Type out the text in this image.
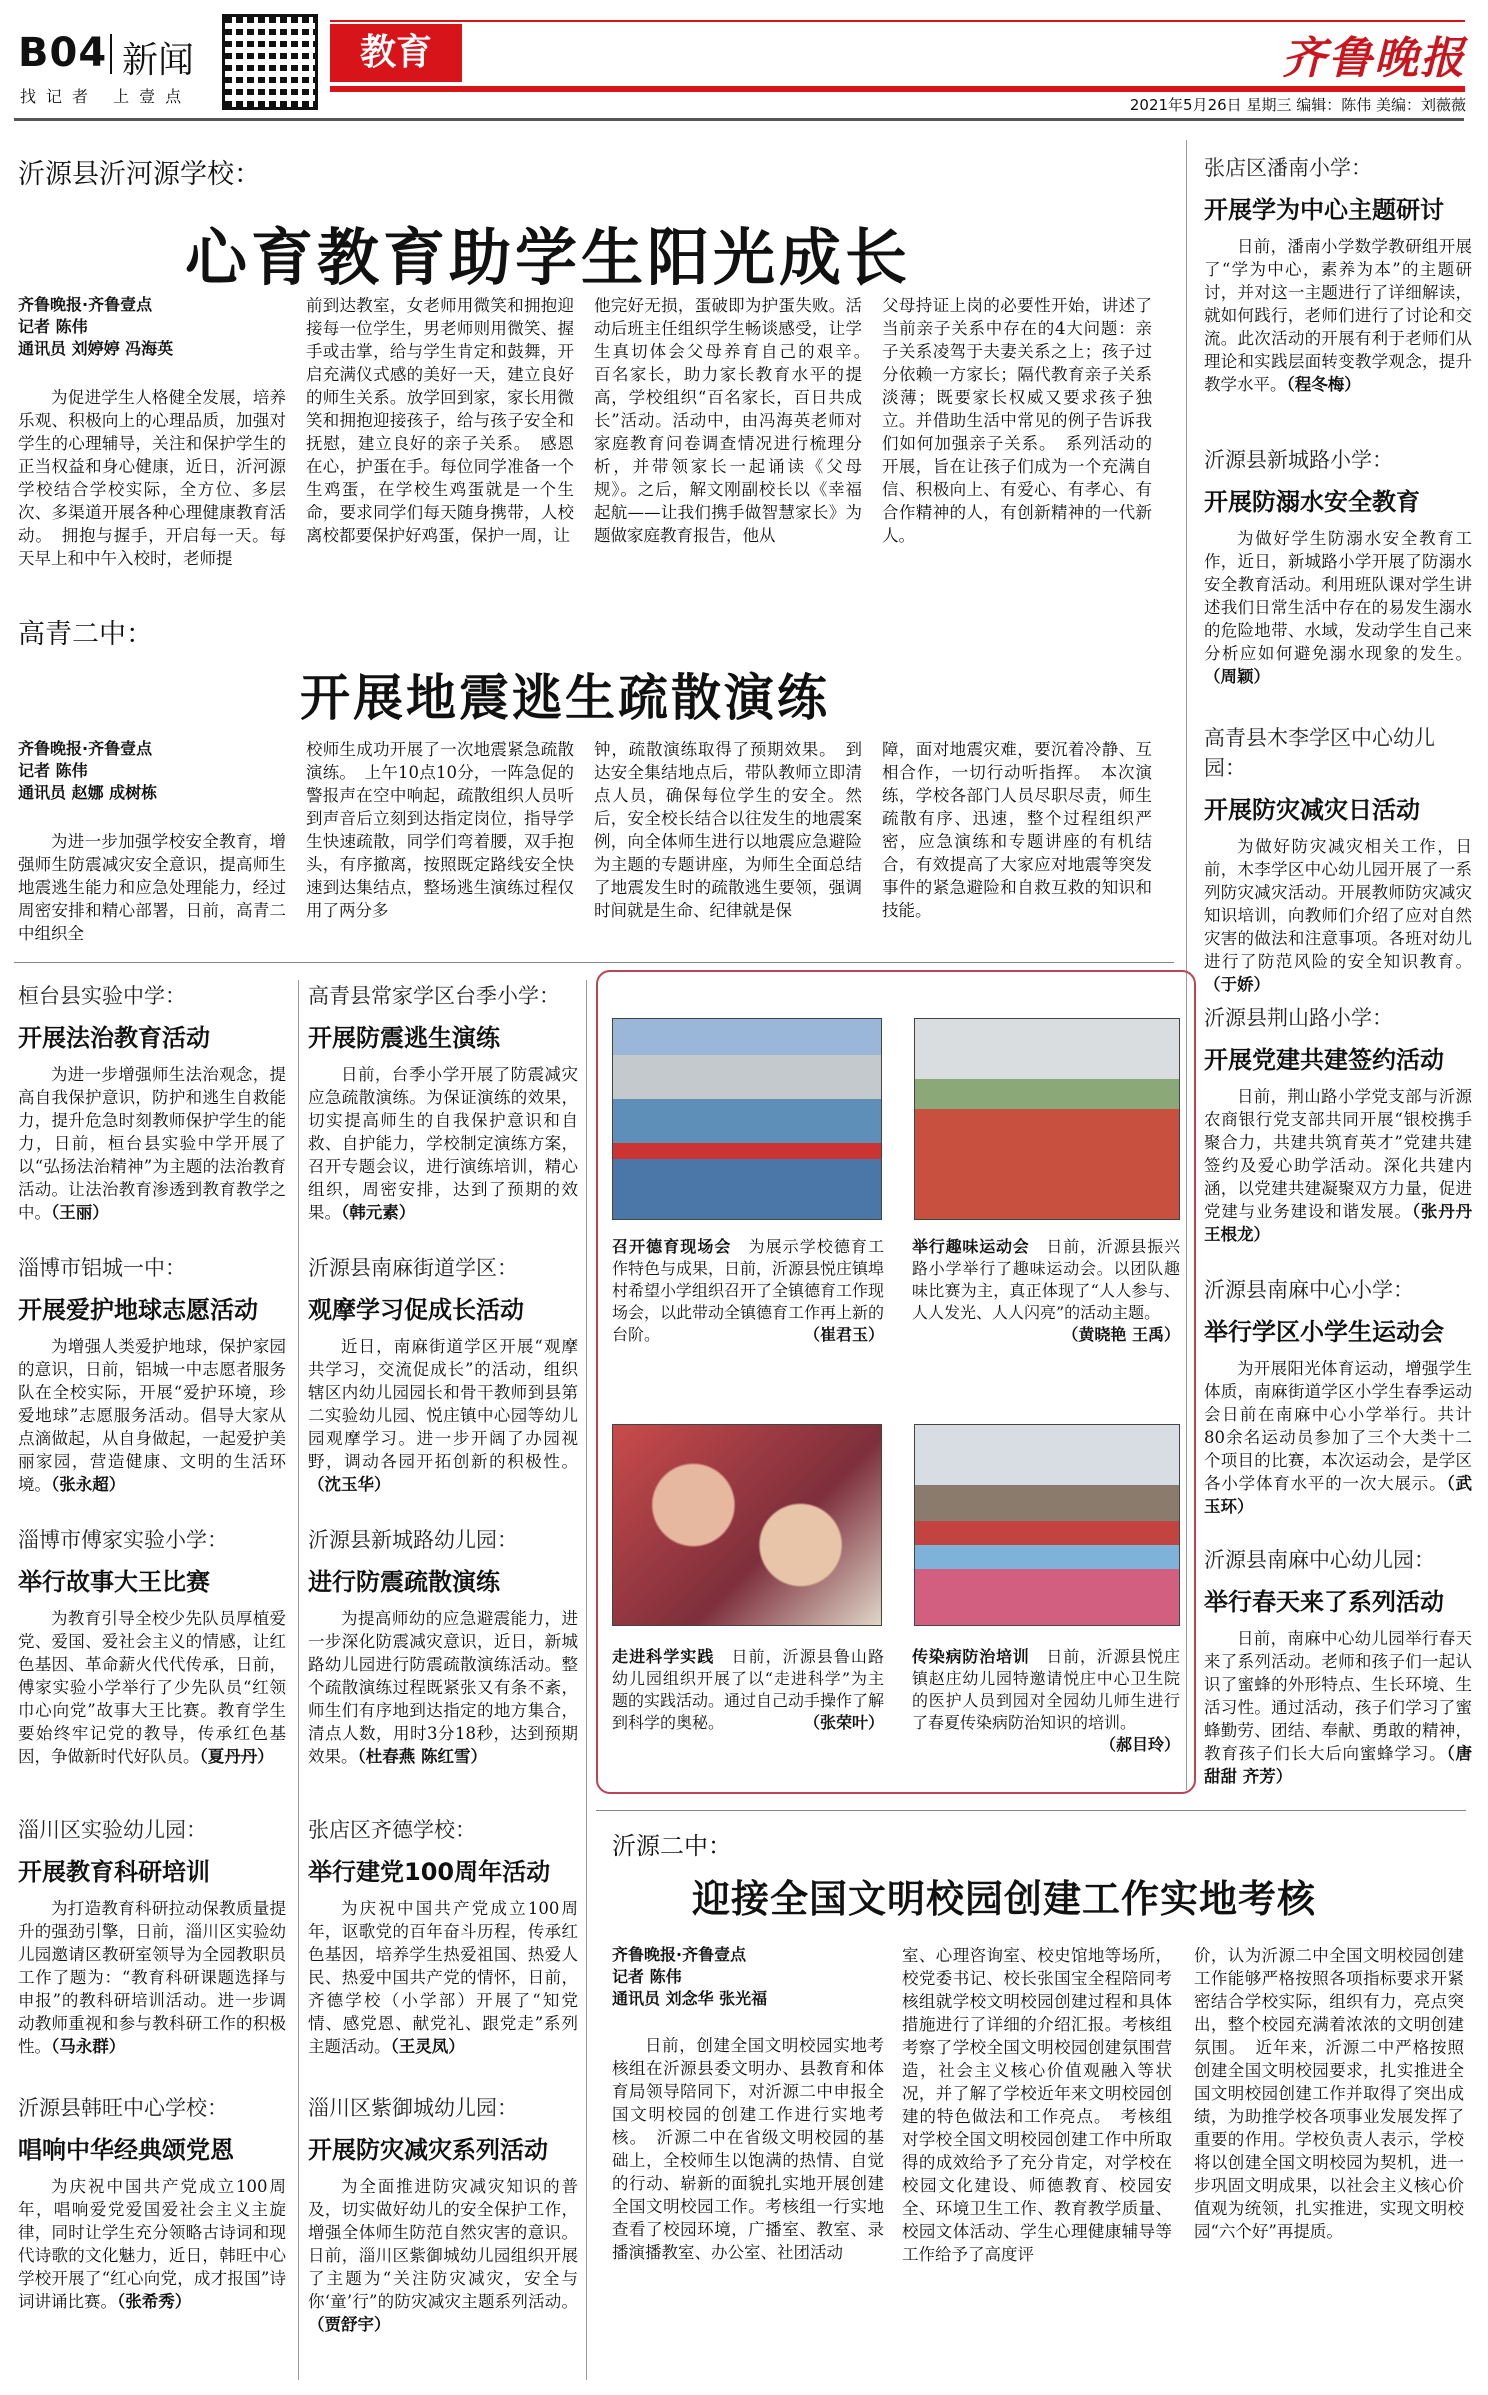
B04 新闻
找记者 上壹点
教育	齐鲁晚报
2021年5月26日 星期三 编辑：陈伟 美编：刘薇薇
沂源县沂河源学校：
心育教育助学生阳光成长
齐鲁晚报·齐鲁壹点
记者 陈伟
通讯员 刘婷婷 冯海英

为促进学生人格健全发展，培养乐观、积极向上的心理品质，加强对学生的心理辅导，关注和保护学生的正当权益和身心健康，近日，沂河源学校结合学校实际，全方位、多层次、多渠道开展各种心理健康教育活动。　拥抱与握手，开启每一天。每天早上和中午入校时，老师提

前到达教室，女老师用微笑和拥抱迎接每一位学生，男老师则用微笑、握手或击掌，给与学生肯定和鼓舞，开启充满仪式感的美好一天，建立良好的师生关系。放学回到家，家长用微笑和拥抱迎接孩子，给与孩子安全和抚慰，建立良好的亲子关系。　感恩在心，护蛋在手。每位同学准备一个生鸡蛋，在学校生鸡蛋就是一个生命，要求同学们每天随身携带，人校离校都要保护好鸡蛋，保护一周，让

他完好无损，蛋破即为护蛋失败。活动后班主任组织学生畅谈感受，让学生真切体会父母养育自己的艰辛。　百名家长，助力家长教育水平的提高，学校组织“百名家长，百日共成长”活动。活动中，由冯海英老师对家庭教育问卷调查情况进行梳理分析，并带领家长一起诵读《父母规》。之后，解文刚副校长以《幸福起航——让我们携手做智慧家长》为题做家庭教育报告，他从

父母持证上岗的必要性开始，讲述了当前亲子关系中存在的4大问题：亲子关系凌驾于夫妻关系之上；孩子过分依赖一方家长；隔代教育亲子关系淡薄；既要家长权威又要求孩子独立。并借助生活中常见的例子告诉我们如何加强亲子关系。　系列活动的开展，旨在让孩子们成为一个充满自信、积极向上、有爱心、有孝心、有合作精神的人，有创新精神的一代新人。

高青二中：
开展地震逃生疏散演练
齐鲁晚报·齐鲁壹点
记者 陈伟
通讯员 赵娜 成树栋

为进一步加强学校安全教育，增强师生防震减灾安全意识，提高师生地震逃生能力和应急处理能力，经过周密安排和精心部署，日前，高青二中组织全

校师生成功开展了一次地震紧急疏散演练。　上午10点10分，一阵急促的警报声在空中响起，疏散组织人员听到声音后立刻到达指定岗位，指导学生快速疏散，同学们弯着腰，双手抱头，有序撤离，按照既定路线安全快速到达集结点，整场逃生演练过程仅用了两分多

钟，疏散演练取得了预期效果。　到达安全集结地点后，带队教师立即清点人员，确保每位学生的安全。然后，安全校长结合以往发生的地震案例，向全体师生进行以地震应急避险为主题的专题讲座，为师生全面总结了地震发生时的疏散逃生要领，强调时间就是生命、纪律就是保

障，面对地震灾难，要沉着冷静、互相合作，一切行动听指挥。　本次演练，学校各部门人员尽职尽责，师生疏散有序、迅速，整个过程组织严密，应急演练和专题讲座的有机结合，有效提高了大家应对地震等突发事件的紧急避险和自救互救的知识和技能。

张店区潘南小学：
开展学为中心主题研讨

日前，潘南小学数学教研组开展了“学为中心，素养为本”的主题研讨，并对这一主题进行了详细解读，就如何践行，老师们进行了讨论和交流。此次活动的开展有利于老师们从理论和实践层面转变教学观念，提升教学水平。（程冬梅）

沂源县新城路小学：
开展防溺水安全教育

为做好学生防溺水安全教育工作，近日，新城路小学开展了防溺水安全教育活动。利用班队课对学生讲述我们日常生活中存在的易发生溺水的危险地带、水域，发动学生自己来分析应如何避免溺水现象的发生。（周颖）

高青县木李学区中心幼儿园：
开展防灾减灾日活动

为做好防灾减灾相关工作，日前，木李学区中心幼儿园开展了一系列防灾减灾活动。开展教师防灾减灾知识培训，向教师们介绍了应对自然灾害的做法和注意事项。各班对幼儿进行了防范风险的安全知识教育。（于娇）

沂源县荆山路小学：
开展党建共建签约活动

日前，荆山路小学党支部与沂源农商银行党支部共同开展“银校携手聚合力，共建共筑育英才”党建共建签约及爱心助学活动。深化共建内涵，以党建共建凝聚双方力量，促进党建与业务建设和谐发展。（张丹丹 王根龙）

沂源县南麻中心小学：
举行学区小学生运动会

为开展阳光体育运动，增强学生体质，南麻街道学区小学生春季运动会日前在南麻中心小学举行。共计80余名运动员参加了三个大类十二个项目的比赛，本次运动会，是学区各小学体育水平的一次大展示。（武玉环）

沂源县南麻中心幼儿园：
举行春天来了系列活动

日前，南麻中心幼儿园举行春天来了系列活动。老师和孩子们一起认识了蜜蜂的外形特点、生长环境、生活习性。通过活动，孩子们学习了蜜蜂勤劳、团结、奉献、勇敢的精神，教育孩子们长大后向蜜蜂学习。（唐甜甜 齐芳）

桓台县实验中学：
开展法治教育活动

为进一步增强师生法治观念，提高自我保护意识，防护和逃生自救能力，提升危急时刻教师保护学生的能力，日前，桓台县实验中学开展了以“弘扬法治精神”为主题的法治教育活动。让法治教育渗透到教育教学之中。（王丽）

淄博市铝城一中：
开展爱护地球志愿活动

为增强人类爱护地球，保护家园的意识，日前，铝城一中志愿者服务队在全校实际，开展“爱护环境，珍爱地球”志愿服务活动。倡导大家从点滴做起，从自身做起，一起爱护美丽家园，营造健康、文明的生活环境。（张永超）

淄博市傅家实验小学：
举行故事大王比赛

为教育引导全校少先队员厚植爱党、爱国、爱社会主义的情感，让红色基因、革命薪火代代传承，日前，傅家实验小学举行了少先队员“红领巾心向党”故事大王比赛。教育学生要始终牢记党的教导，传承红色基因，争做新时代好队员。（夏丹丹）

淄川区实验幼儿园：
开展教育科研培训

为打造教育科研拉动保教质量提升的强劲引擎，日前，淄川区实验幼儿园邀请区教研室领导为全园教职员工作了题为：“教育科研课题选择与申报”的教科研培训活动。进一步调动教师重视和参与教科研工作的积极性。（马永群）

沂源县韩旺中心学校：
唱响中华经典颂党恩

为庆祝中国共产党成立100周年，唱响爱党爱国爱社会主义主旋律，同时让学生充分领略古诗词和现代诗歌的文化魅力，近日，韩旺中心学校开展了“红心向党，成才报国”诗词讲诵比赛。（张希秀）

高青县常家学区台季小学：
开展防震逃生演练

日前，台季小学开展了防震减灾应急疏散演练。为保证演练的效果，切实提高师生的自我保护意识和自救、自护能力，学校制定演练方案，召开专题会议，进行演练培训，精心组织，周密安排，达到了预期的效果。（韩元素）

沂源县南麻街道学区：
观摩学习促成长活动

近日，南麻街道学区开展“观摩共学习，交流促成长”的活动，组织辖区内幼儿园园长和骨干教师到县第二实验幼儿园、悦庄镇中心园等幼儿园观摩学习。进一步开阔了办园视野，调动各园开拓创新的积极性。（沈玉华）

沂源县新城路幼儿园：
进行防震疏散演练

为提高师幼的应急避震能力，进一步深化防震减灾意识，近日，新城路幼儿园进行防震疏散演练活动。整个疏散演练过程既紧张又有条不紊，师生们有序地到达指定的地方集合，清点人数，用时3分18秒，达到预期效果。（杜春燕 陈红雪）

张店区齐德学校：
举行建党100周年活动

为庆祝中国共产党成立100周年，讴歌党的百年奋斗历程，传承红色基因，培养学生热爱祖国、热爱人民、热爱中国共产党的情怀，日前，齐德学校（小学部）开展了“知党情、感党恩、献党礼、跟党走”系列主题活动。（王灵凤）

淄川区紫御城幼儿园：
开展防灾减灾系列活动

为全面推进防灾减灾知识的普及，切实做好幼儿的安全保护工作，增强全体师生防范自然灾害的意识。日前，淄川区紫御城幼儿园组织开展了主题为“关注防灾减灾，安全与你‘童’行”的防灾减灾主题系列活动。（贾舒宇）

召开德育现场会　 为展示学校德育工作特色与成果，日前，沂源县悦庄镇埠村希望小学组织召开了全镇德育工作现场会，以此带动全镇德育工作再上新的台阶。	（崔君玉）
举行趣味运动会　 日前，沂源县振兴路小学举行了趣味运动会。以团队趣味比赛为主，真正体现了“人人参与、人人发光、人人闪亮”的活动主题。
（黄晓艳 王禹）
走进科学实践　 日前，沂源县鲁山路幼儿园组织开展了以“走进科学”为主题的实践活动。通过自己动手操作了解到科学的奥秘。	（张荣叶）
传染病防治培训　 日前，沂源县悦庄镇赵庄幼儿园特邀请悦庄中心卫生院的医护人员到园对全园幼儿师生进行了春夏传染病防治知识的培训。
（郝目玲）
沂源二中：
迎接全国文明校园创建工作实地考核
齐鲁晚报·齐鲁壹点
记者 陈伟
通讯员 刘念华 张光福

日前，创建全国文明校园实地考核组在沂源县委文明办、县教育和体育局领导陪同下，对沂源二中申报全国文明校园的创建工作进行实地考核。　沂源二中在省级文明校园的基础上，全校师生以饱满的热情、自觉的行动、崭新的面貌扎实地开展创建全国文明校园工作。考核组一行实地查看了校园环境，广播室、教室、录播演播教室、办公室、社团活动

室、心理咨询室、校史馆地等场所，校党委书记、校长张国宝全程陪同考核组就学校文明校园创建过程和具体措施进行了详细的介绍汇报。考核组考察了学校全国文明校园创建氛围营造，社会主义核心价值观融入等状况，并了解了学校近年来文明校园创建的特色做法和工作亮点。　考核组对学校全国文明校园创建工作中所取得的成效给予了充分肯定，对学校在校园文化建设、师德教育、校园安全、环境卫生工作、教育教学质量、校园文体活动、学生心理健康辅导等工作给予了高度评

价，认为沂源二中全国文明校园创建工作能够严格按照各项指标要求开紧密结合学校实际，组织有力，亮点突出，整个校园充满着浓浓的文明创建氛围。　近年来，沂源二中严格按照创建全国文明校园要求，扎实推进全国文明校园创建工作并取得了突出成绩，为助推学校各项事业发展发挥了重要的作用。学校负责人表示，学校将以创建全国文明校园为契机，进一步巩固文明成果，以社会主义核心价值观为统领，扎实推进，实现文明校园“六个好”再提质。
